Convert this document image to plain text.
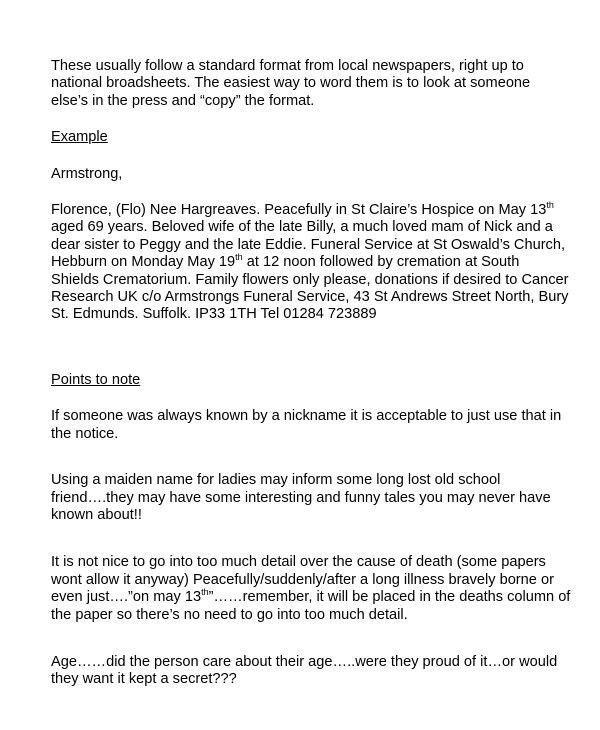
These usually follow a standard format from local newspapers, right up to national broadsheets. The easiest way to word them is to look at someone else’s in the press and “copy” the format.

Example

Armstrong,

Florence, (Flo) Nee Hargreaves. Peacefully in St Claire’s Hospice on May 13th aged 69 years. Beloved wife of the late Billy, a much loved mam of Nick and a dear sister to Peggy and the late Eddie. Funeral Service at St Oswald’s Church, Hebburn on Monday May 19th at 12 noon followed by cremation at South Shields Crematorium. Family flowers only please, donations if desired to Cancer Research UK c/o Armstrongs Funeral Service, 43 St Andrews Street North, Bury St. Edmunds. Suffolk. IP33 1TH Tel 01284 723889

Points to note

If someone was always known by a nickname it is acceptable to just use that in the notice.

Using a maiden name for ladies may inform some long lost old school friend….they may have some interesting and funny tales you may never have known about!!

It is not nice to go into too much detail over the cause of death (some papers wont allow it anyway) Peacefully/suddenly/after a long illness bravely borne or even just….”on may 13th”……remember, it will be placed in the deaths column of the paper so there’s no need to go into too much detail.

Age……did the person care about their age…..were they proud of it…or would they want it kept a secret???
